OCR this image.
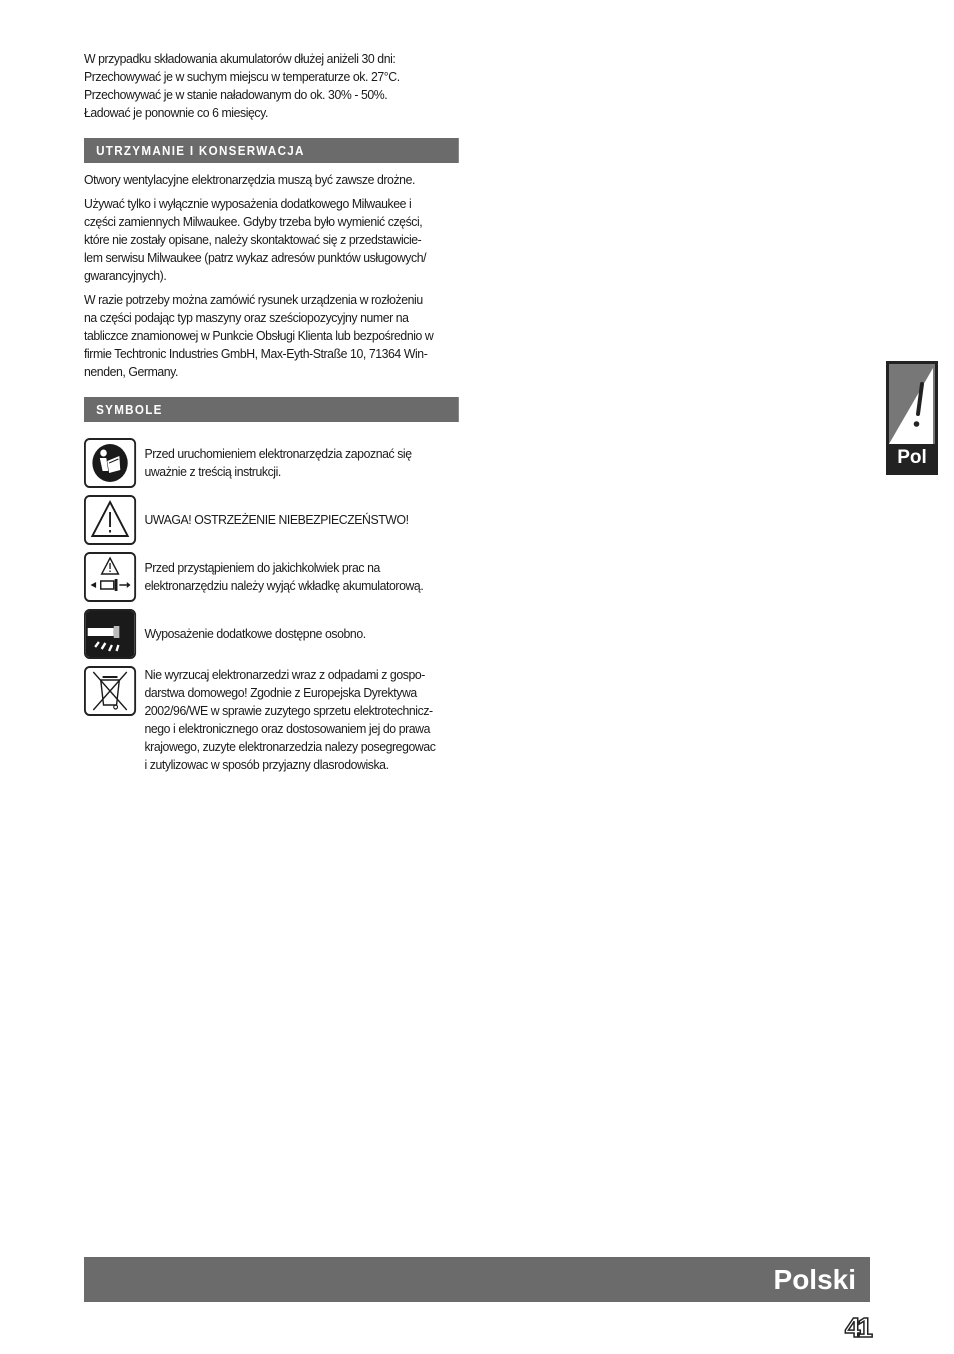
W przypadku składowania akumulatorów dłużej aniżeli 30 dni:
Przechowywać je w suchym miejscu w temperaturze ok. 27°C.
Przechowywać je w stanie naładowanym do ok. 30% - 50%.
Ładować je ponownie co 6 miesięcy.

UTRZYMANIE I KONSERWACJA

Otwory wentylacyjne elektronarzędzia muszą być zawsze drożne.

Używać tylko i wyłącznie wyposażenia dodatkowego Milwaukee i
części zamiennych Milwaukee. Gdyby trzeba było wymienić części,
które nie zostały opisane, należy skontaktować się z przedstawicie-
lem serwisu Milwaukee (patrz wykaz adresów punktów usługowych/
gwarancyjnych).

W razie potrzeby można zamówić rysunek urządzenia w rozłożeniu
na części podając typ maszyny oraz sześciopozycyjny numer na
tabliczce znamionowej w Punkcie Obsługi Klienta lub bezpośrednio w
firmie Techtronic Industries GmbH, Max-Eyth-Straße 10, 71364 Win-
nenden, Germany.

SYMBOLE
Przed uruchomieniem elektronarzędzia zapoznać się
uważnie z treścią instrukcji.
UWAGA! OSTRZEŻENIE NIEBEZPIECZEŃSTWO!
Przed przystąpieniem do jakichkolwiek prac na
elektronarzędziu należy wyjąć wkładkę akumulatorową.
Wyposażenie dodatkowe dostępne osobno.
Nie wyrzucaj elektronarzedzi wraz z odpadami z gospo-
darstwa domowego! Zgodnie z Europejska Dyrektywa
2002/96/WE w sprawie zuzytego sprzetu elektrotechnicz-
nego i elektronicznego oraz dostosowaniem jej do prawa
krajowego, zuzyte elektronarzedzia nalezy posegregowac
i zutylizowac w sposób przyjazny dlasrodowiska.
Pol
Polski
41
